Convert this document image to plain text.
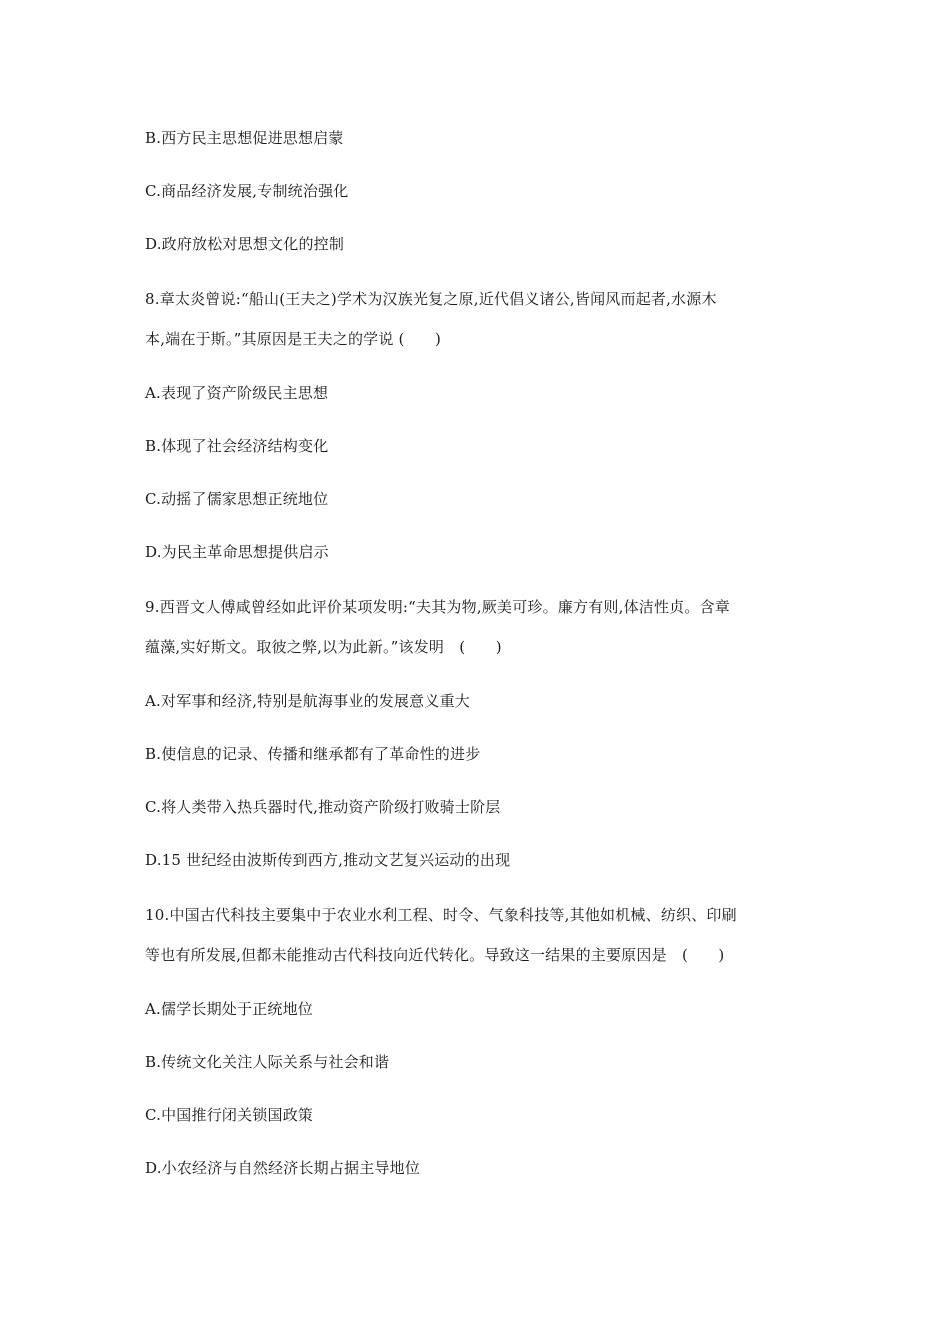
B.西方民主思想促进思想启蒙
C.商品经济发展,专制统治强化
D.政府放松对思想文化的控制
8.章太炎曾说:“船山(王夫之)学术为汉族光复之原,近代倡义诸公,皆闻风而起者,水源木
本,端在于斯。”其原因是王夫之的学说 (　　)
A.表现了资产阶级民主思想
B.体现了社会经济结构变化
C.动摇了儒家思想正统地位
D.为民主革命思想提供启示
9.西晋文人傅咸曾经如此评价某项发明:“夫其为物,厥美可珍。廉方有则,体洁性贞。含章
蕴藻,实好斯文。取彼之弊,以为此新。”该发明　(　　)
A.对军事和经济,特别是航海事业的发展意义重大
B.使信息的记录、传播和继承都有了革命性的进步
C.将人类带入热兵器时代,推动资产阶级打败骑士阶层
D.15 世纪经由波斯传到西方,推动文艺复兴运动的出现
10.中国古代科技主要集中于农业水利工程、时令、气象科技等,其他如机械、纺织、印刷
等也有所发展,但都未能推动古代科技向近代转化。导致这一结果的主要原因是　(　　)
A.儒学长期处于正统地位
B.传统文化关注人际关系与社会和谐
C.中国推行闭关锁国政策
D.小农经济与自然经济长期占据主导地位
